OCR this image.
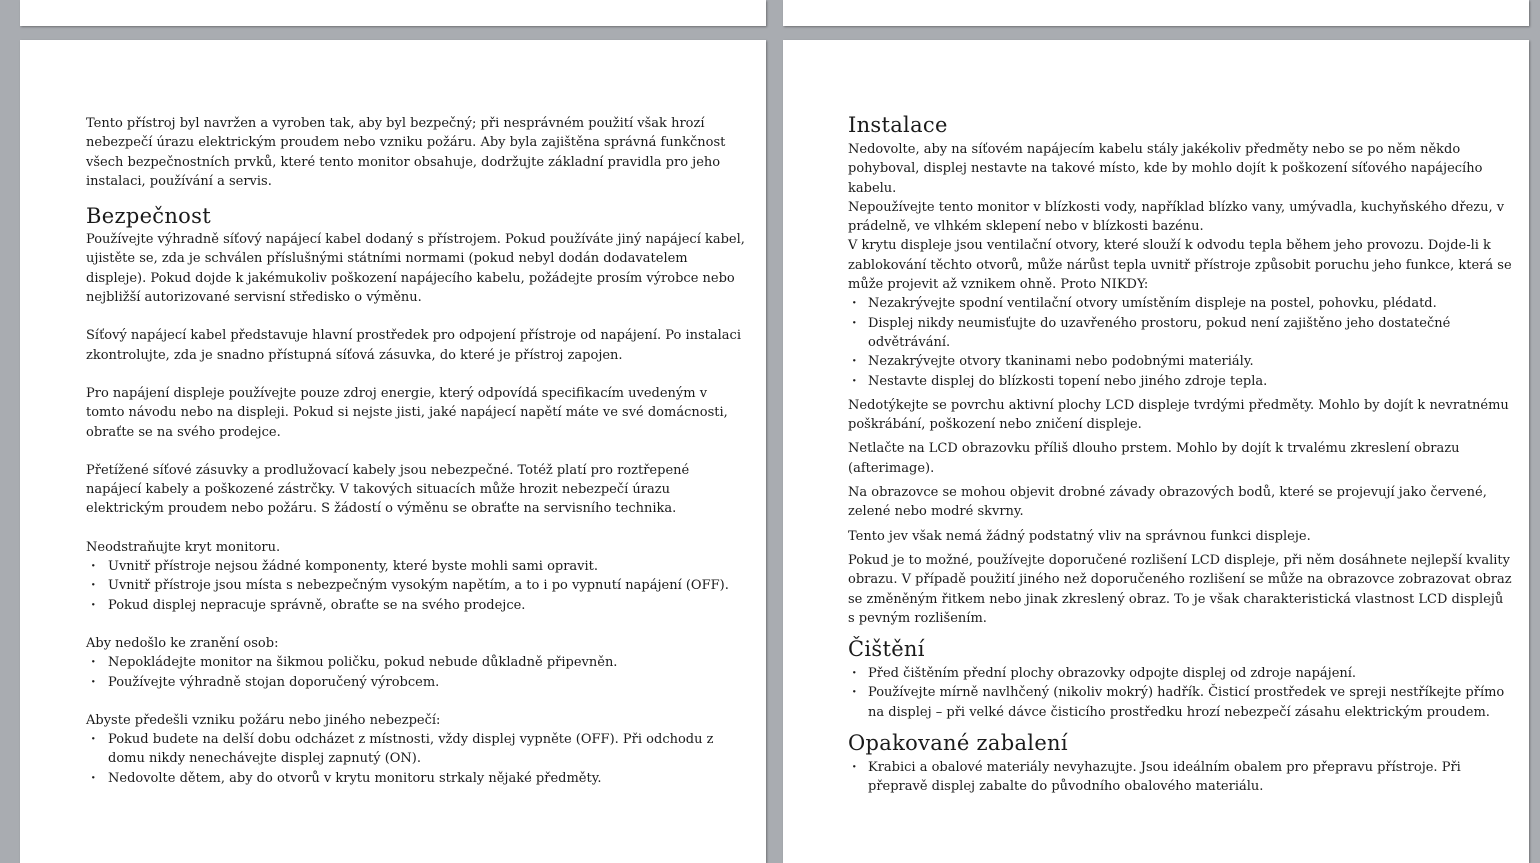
Tento přístroj byl navržen a vyroben tak, aby byl bezpečný; při nesprávném použití však hrozí nebezpečí úrazu elektrickým proudem nebo vzniku požáru. Aby byla zajištěna správná funkčnost všech bezpečnostních prvků, které tento monitor obsahuje, dodržujte základní pravidla pro jeho instalaci, používání a servis.

Bezpečnost

Používejte výhradně síťový napájecí kabel dodaný s přístrojem. Pokud používáte jiný napájecí kabel, ujistěte se, zda je schválen příslušnými státními normami (pokud nebyl dodán dodavatelem displeje). Pokud dojde k jakémukoliv poškození napájecího kabelu, požádejte prosím výrobce nebo nejbližší autorizované servisní středisko o výměnu.

Síťový napájecí kabel představuje hlavní prostředek pro odpojení přístroje od napájení. Po instalaci zkontrolujte, zda je snadno přístupná síťová zásuvka, do které je přístroj zapojen.

Pro napájení displeje používejte pouze zdroj energie, který odpovídá specifikacím uvedeným v tomto návodu nebo na displeji. Pokud si nejste jisti, jaké napájecí napětí máte ve své domácnosti, obraťte se na svého prodejce.

Přetížené síťové zásuvky a prodlužovací kabely jsou nebezpečné. Totéž platí pro roztřepené napájecí kabely a poškozené zástrčky. V takových situacích může hrozit nebezpečí úrazu elektrickým proudem nebo požáru. S žádostí o výměnu se obraťte na servisního technika.

Neodstraňujte kryt monitoru.

· Uvnitř přístroje nejsou žádné komponenty, které byste mohli sami opravit.
· Uvnitř přístroje jsou místa s nebezpečným vysokým napětím, a to i po vypnutí napájení (OFF).
· Pokud displej nepracuje správně, obraťte se na svého prodejce.

Aby nedošlo ke zranění osob:

· Nepokládejte monitor na šikmou poličku, pokud nebude důkladně připevněn.
· Používejte výhradně stojan doporučený výrobcem.

Abyste předešli vzniku požáru nebo jiného nebezpečí:

· Pokud budete na delší dobu odcházet z místnosti, vždy displej vypněte (OFF). Při odchodu z domu nikdy nenechávejte displej zapnutý (ON).
· Nedovolte dětem, aby do otvorů v krytu monitoru strkaly nějaké předměty.
Instalace

Nedovolte, aby na síťovém napájecím kabelu stály jakékoliv předměty nebo se po něm někdo pohyboval, displej nestavte na takové místo, kde by mohlo dojít k poškození síťového napájecího kabelu.

Nepoužívejte tento monitor v blízkosti vody, například blízko vany, umývadla, kuchyňského dřezu, v prádelně, ve vlhkém sklepení nebo v blízkosti bazénu.

V krytu displeje jsou ventilační otvory, které slouží k odvodu tepla během jeho provozu. Dojde-li k zablokování těchto otvorů, může nárůst tepla uvnitř přístroje způsobit poruchu jeho funkce, která se může projevit až vznikem ohně. Proto NIKDY:

· Nezakrývejte spodní ventilační otvory umístěním displeje na postel, pohovku, plédatd.
· Displej nikdy neumisťujte do uzavřeného prostoru, pokud není zajištěno jeho dostatečné odvětrávání.
· Nezakrývejte otvory tkaninami nebo podobnými materiály.
· Nestavte displej do blízkosti topení nebo jiného zdroje tepla.

Nedotýkejte se povrchu aktivní plochy LCD displeje tvrdými předměty. Mohlo by dojít k nevratnému poškrábání, poškození nebo zničení displeje.

Netlačte na LCD obrazovku příliš dlouho prstem. Mohlo by dojít k trvalému zkreslení obrazu (afterimage).

Na obrazovce se mohou objevit drobné závady obrazových bodů, které se projevují jako červené, zelené nebo modré skvrny.

Tento jev však nemá žádný podstatný vliv na správnou funkci displeje.

Pokud je to možné, používejte doporučené rozlišení LCD displeje, při něm dosáhnete nejlepší kvality obrazu. V případě použití jiného než doporučeného rozlišení se může na obrazovce zobrazovat obraz se změněným řitkem nebo jinak zkreslený obraz. To je však charakteristická vlastnost LCD displejů s pevným rozlišením.

Čištění
· Před čištěním přední plochy obrazovky odpojte displej od zdroje napájení.
· Používejte mírně navlhčený (nikoliv mokrý) hadřík. Čisticí prostředek ve spreji nestříkejte přímo na displej – při velké dávce čisticího prostředku hrozí nebezpečí zásahu elektrickým proudem.
Opakované zabalení
· Krabici a obalové materiály nevyhazujte. Jsou ideálním obalem pro přepravu přístroje. Při přepravě displej zabalte do původního obalového materiálu.
